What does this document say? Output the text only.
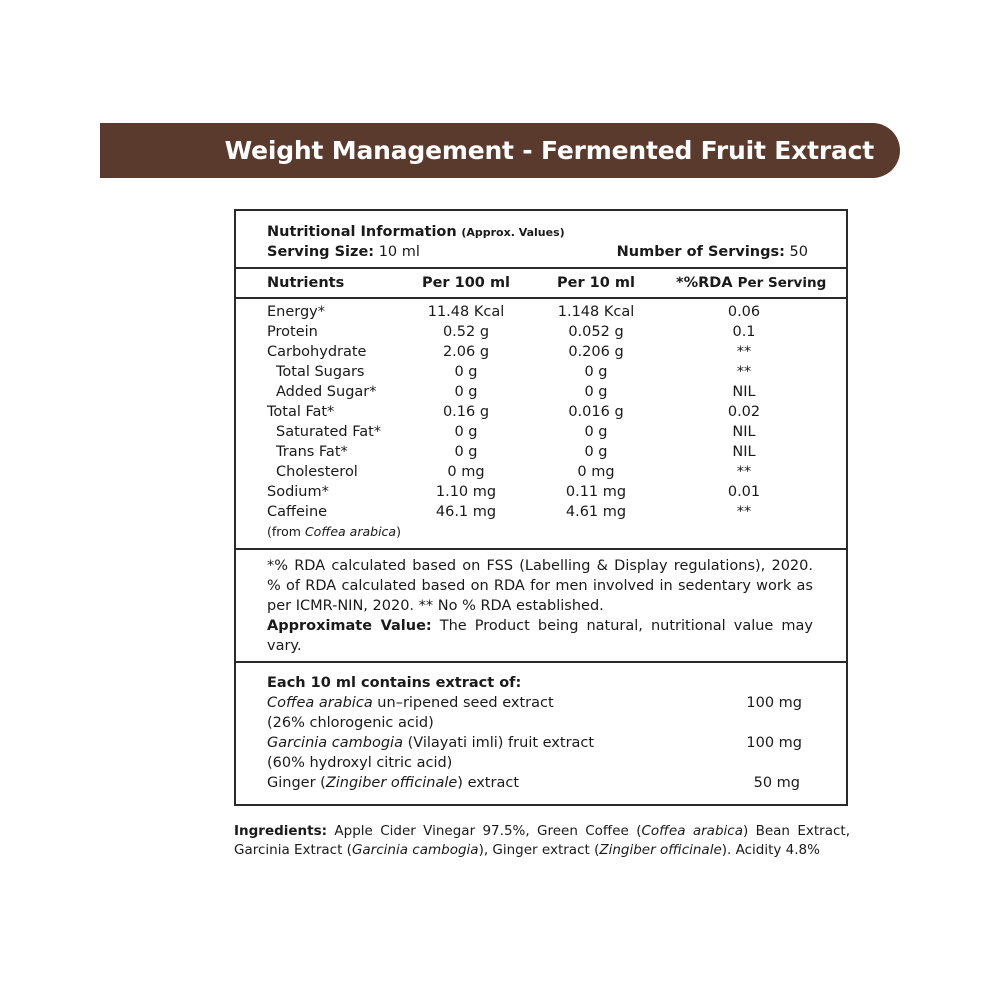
Weight Management - Fermented Fruit Extract
Nutritional Information (Approx. Values)
Serving Size: 10 ml	Number of Servings: 50
Nutrients	Per 100 ml	Per 10 ml	*%RDA Per Serving
Energy*	11.48 Kcal	1.148 Kcal	0.06
Protein	0.52 g	0.052 g	0.1
Carbohydrate	2.06 g	0.206 g	**
Total Sugars	0 g	0 g	**
Added Sugar*	0 g	0 g	NIL
Total Fat*	0.16 g	0.016 g	0.02
Saturated Fat*	0 g	0 g	NIL
Trans Fat*	0 g	0 g	NIL
Cholesterol	0 mg	0 mg	**
Sodium*	1.10 mg	0.11 mg	0.01
Caffeine	46.1 mg	4.61 mg	**
(from Coffea arabica)
*% RDA calculated based on FSS (Labelling & Display regulations), 2020. % of RDA calculated based on RDA for men involved in sedentary work as per ICMR-NIN, 2020. ** No % RDA established.
Approximate Value: The Product being natural, nutritional value may vary.
Each 10 ml contains extract of:
Coffea arabica un–ripened seed extract
(26% chlorogenic acid)
100 mg
Garcinia cambogia (Vilayati imli) fruit extract
(60% hydroxyl citric acid)
100 mg
Ginger (Zingiber officinale) extract	50 mg
Ingredients: Apple Cider Vinegar 97.5%, Green Coffee (Coffea arabica) Bean Extract, Garcinia Extract (Garcinia cambogia), Ginger extract (Zingiber officinale). Acidity 4.8%
